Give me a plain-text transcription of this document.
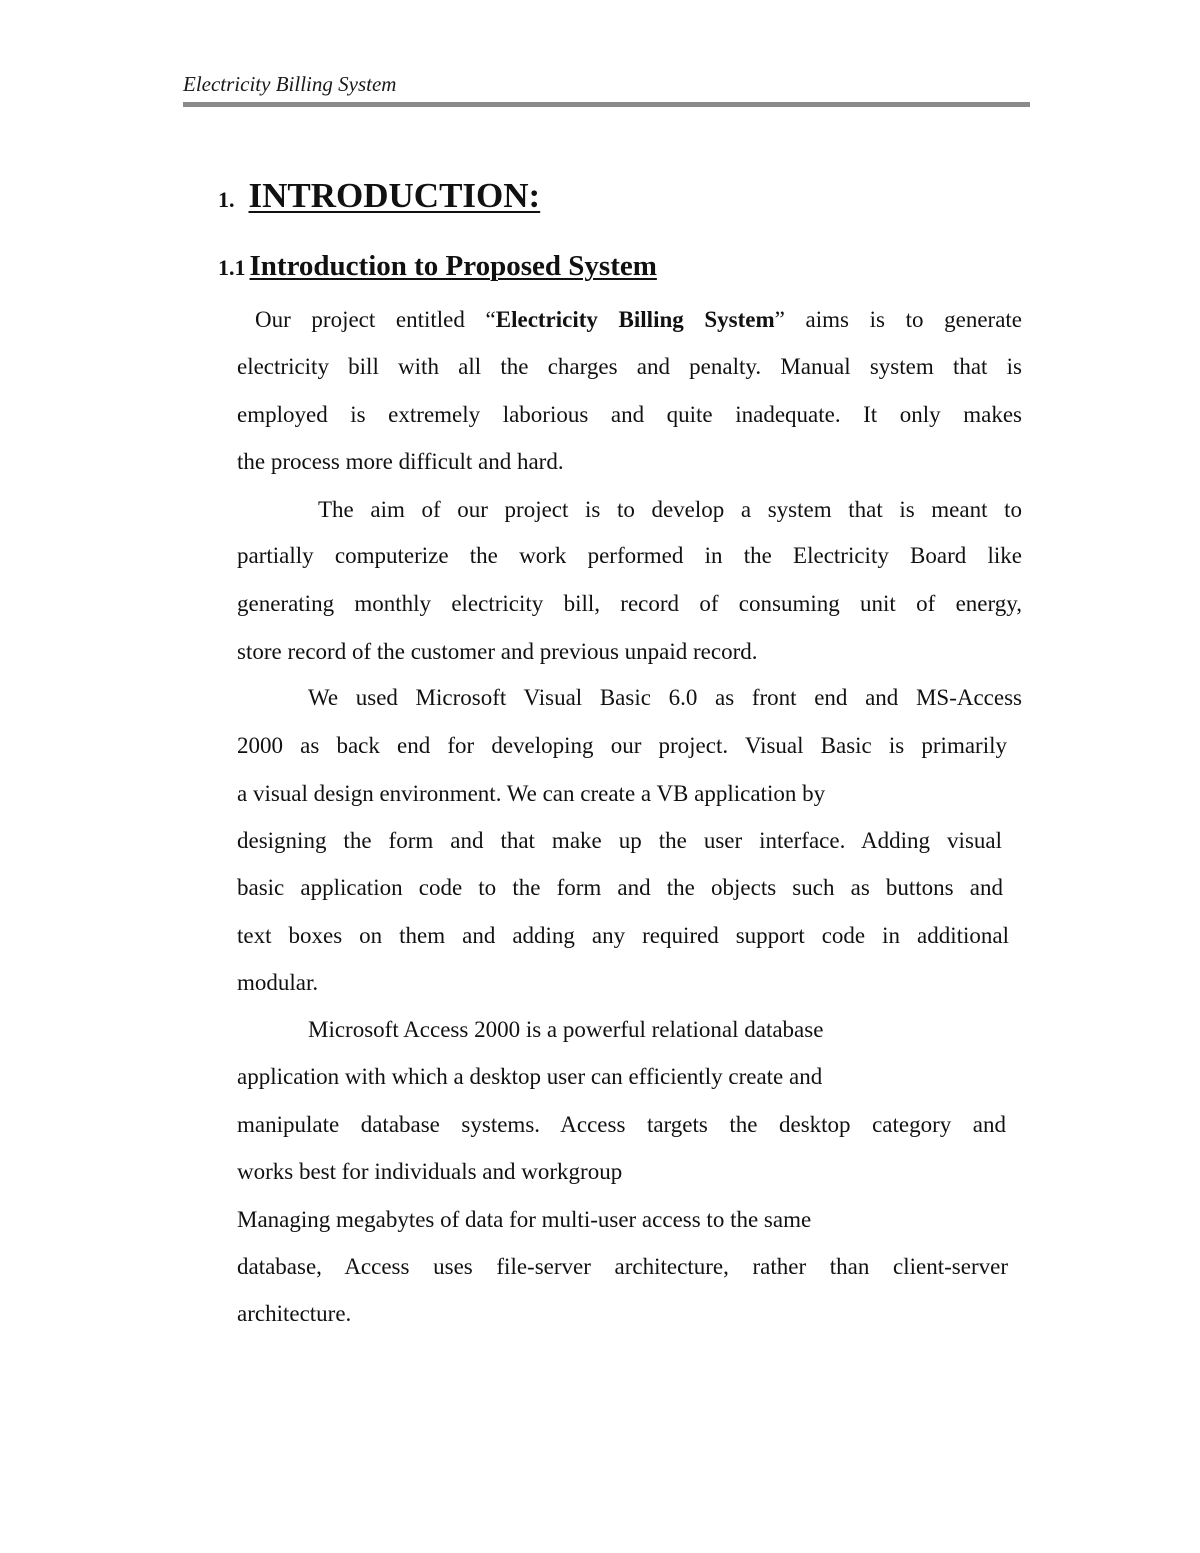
Electricity Billing System
1. INTRODUCTION:
1.1 Introduction to Proposed System
Our project entitled “Electricity Billing System” aims is to generate
electricity bill with all the charges and penalty. Manual system that is
employed is extremely laborious and quite inadequate. It only makes
the process more difficult and hard.
The aim of our project is to develop a system that is meant to
partially computerize the work performed in the Electricity Board like
generating monthly electricity bill, record of consuming unit of energy,
store record of the customer and previous unpaid record.
We used Microsoft Visual Basic 6.0 as front end and MS-Access
2000 as back end for developing our project. Visual Basic is primarily
a visual design environment. We can create a VB application by
designing the form and that make up the user interface. Adding visual
basic application code to the form and the objects such as buttons and
text boxes on them and adding any required support code in additional
modular.
Microsoft Access 2000 is a powerful relational database
application with which a desktop user can efficiently create and
manipulate database systems. Access targets the desktop category and
works best for individuals and workgroup
Managing megabytes of data for multi-user access to the same
database, Access uses file-server architecture, rather than client-server
architecture.
